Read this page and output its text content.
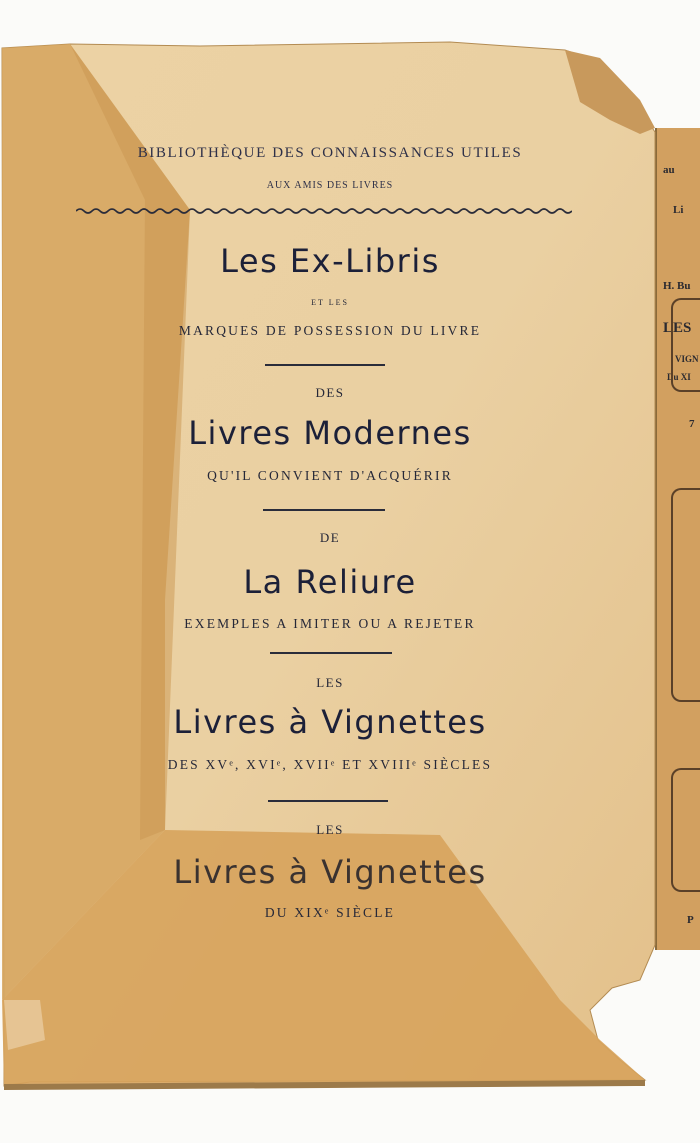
au
Li
H. Bu
LES
VIGN
Du XI
7
P
BIBLIOTHÈQUE DES CONNAISSANCES UTILES
AUX AMIS DES LIVRES
Les Ex-Libris
ET LES
MARQUES DE POSSESSION DU LIVRE
DES
Livres Modernes
QU'IL CONVIENT D'ACQUÉRIR
DE
La Reliure
EXEMPLES A IMITER OU A REJETER
LES
Livres à Vignettes
DES XVᵉ, XVIᵉ, XVIIᵉ ET XVIIIᵉ SIÈCLES
LES
Livres à Vignettes
DU XIXᵉ SIÈCLE
